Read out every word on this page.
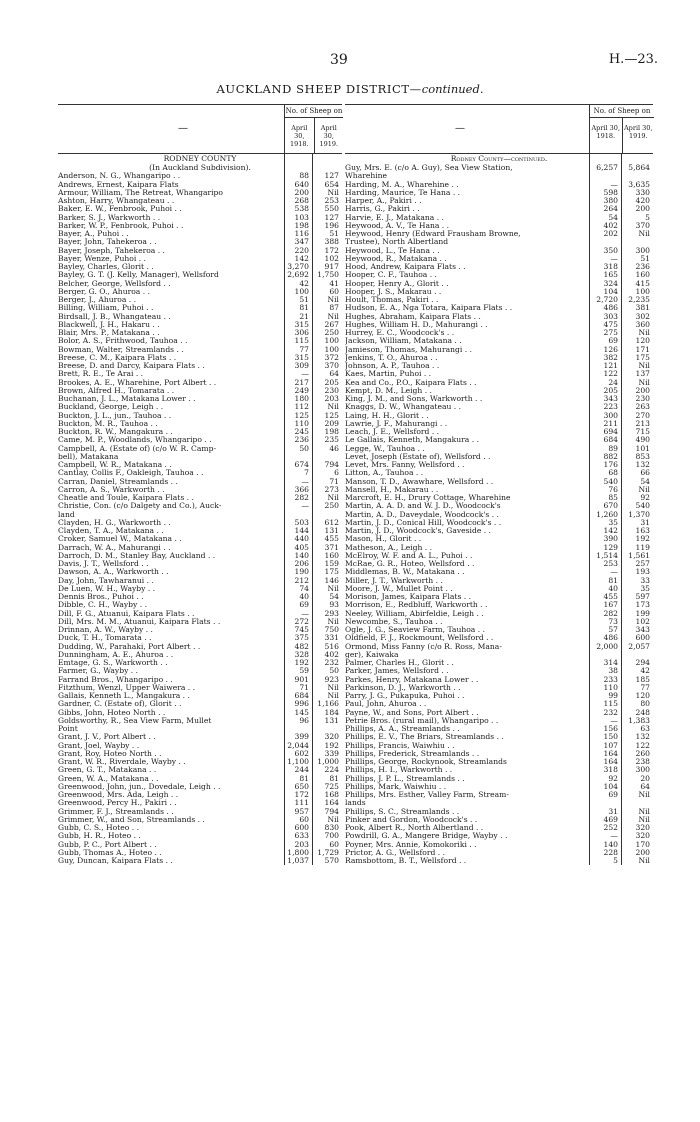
39	H.—23.
AUCKLAND SHEEP DISTRICT—continued.
—
No. of Sheep on
April 30, 1918.
April 30, 1919.
RODNEY COUNTY
(In Auckland Subdivision).
Anderson, N. G., Whangaripo . .	88	127
Andrews, Ernest, Kaipara Flats	640	654
Armour, William, The Retreat, Whangaripo	200	Nil
Ashton, Harry, Whangateau . .	268	253
Baker, E. W., Fenbrook, Puhoi . .	538	550
Barker, S. J., Warkworth . .	103	127
Barker, W. P., Fenbrook, Puhoi . .	198	196
Bayer, A., Puhoi . .	116	51
Bayer, John, Tahekeroa . .	347	388
Bayer, Joseph, Tahekeroa . .	220	172
Bayer, Wenze, Puhoi . .	142	102
Bayley, Charles, Glorit . .	3,270	917
Bayley, G. T. (J. Kelly, Manager), Wellsford	2,692	1,750
Belcher, George, Wellsford . .	42	41
Berger, G. O., Ahuroa . .	100	60
Berger, J., Ahuroa . .	51	Nil
Billing, William, Puhoi . .	81	87
Birdsall, J. B., Whangateau . .	21	Nil
Blackwell, J. H., Hakaru . .	315	267
Blair, Mrs. P., Matakana . .	306	250
Bolor, A. S., Frithwood, Tauhoa . .	115	100
Bowman, Walter, Streamlands . .	77	100
Breese, C. M., Kaipara Flats . .	315	372
Breese, D. and Darcy, Kaipara Flats . .	309	370
Brett, R. E., Te Arai . .	—	64
Brookes, A. E., Wharehine, Port Albert . .	217	205
Brown, Alfred H., Tomarata . .	249	230
Buchanan, J. L., Matakana Lower . .	180	203
Buckland, George, Leigh . .	112	Nil
Buckton, J. L., jun., Tauhoa . .	125	125
Buckton, M. R., Tauhoa . .	110	209
Buckton, R. W., Mangakura . .	245	198
Came, M. P., Woodlands, Whangaripo . .	236	235
Campbell, A. (Estate of) (c/o W. R. Camp-	50	46
bell), Matakana
Campbell, W. R., Matakana . .	674	794
Cantlay, Collis F., Oakleigh, Tauhoa . .	7	6
Carran, Daniel, Streamlands . .	—	71
Carron, A. S., Warkworth . .	366	273
Cheatle and Toule, Kaipara Flats . .	282	Nil
Christie, Con. (c/o Dalgety and Co.), Auck-	—	250
land
Clayden, H. G., Warkworth . .	503	612
Clayden, T. A., Matakana . .	144	131
Croker, Samuel W., Matakana . .	440	455
Darrach, W. A., Mahurangi . .	405	371
Darroch, D. M., Stanley Bay, Auckland . .	140	160
Davis, J. T., Wellsford . .	206	159
Dawson, A. A., Warkworth . .	190	175
Day, John, Tawharanui . .	212	146
De Luen, W. H., Wayby . .	74	Nil
Dennis Bros., Puhoi . .	40	54
Dibble, C. H., Wayby . .	69	93
Dill, F. G., Atuanui, Kaipara Flats . .	—	293
Dill, Mrs. M. M., Atuanui, Kaipara Flats . .	272	Nil
Drinnan, A. W., Wayby . .	745	750
Duck, T. H., Tomarata . .	375	331
Dudding, W., Parahaki, Port Albert . .	482	516
Dunningham, A. E., Ahuroa . .	328	402
Emtage, G. S., Warkworth . .	192	232
Farmer, G., Wayby . .	59	50
Farrand Bros., Whangaripo . .	901	923
Fitzthum, Wenzl, Upper Waiwera . .	71	Nil
Gallais, Kenneth L., Mangakura . .	684	Nil
Gardner, C. (Estate of), Glorit . .	996	1,166
Gibbs, John, Hoteo North . .	145	184
Goldsworthy, R., Sea View Farm, Mullet	96	131
Point
Grant, J. V., Port Albert . .	399	320
Grant, Joel, Wayby . .	2,044	192
Grant, Roy, Hoteo North . .	602	339
Grant, W. R., Riverdale, Wayby . .	1,100	1,000
Green, G. T., Matakana . .	244	224
Green, W. A., Matakana . .	81	81
Greenwood, John, jun., Dovedale, Leigh . .	650	725
Greenwood, Mrs. Ada, Leigh . .	172	168
Greenwood, Percy H., Pakiri . .	111	164
Grimmer, F. J., Streamlands . .	957	794
Grimmer, W., and Son, Streamlands . .	60	Nil
Gubb, C. S., Hoteo . .	600	830
Gubb, H. R., Hoteo . .	633	700
Gubb, P. C., Port Albert . .	203	60
Gubb, Thomas A., Hoteo . .	1,800	1,729
Guy, Duncan, Kaipara Flats . .	1,037	570
—
No. of Sheep on
April 30, 1918.
April 30, 1919.
Rodney County—continued.
Guy, Mrs. E. (c/o A. Guy), Sea View Station,	6,257	5,864
Wharehine
Harding, M. A., Wharehine . .	—	3,635
Harding, Maurice, Te Hana . .	598	330
Harper, A., Pakiri . .	380	420
Harris, G., Pakiri . .	264	200
Harvie, E. J., Matakana . .	54	5
Heywood, A. V., Te Hana . .	402	370
Heywood, Henry (Edward Frausham Browne,	202	Nil
Trustee), North Albertland
Heywood, L., Te Hana . .	350	300
Heywood, R., Matakana . .	—	51
Hood, Andrew, Kaipara Flats . .	318	236
Hooper, C. F., Tauhoa . .	165	160
Hooper, Henry A., Glorit . .	324	415
Hooper, J. S., Makarau . .	104	100
Hoult, Thomas, Pakiri . .	2,720	2,235
Hudson, E. A., Nga Totara, Kaipara Flats . .	486	381
Hughes, Abraham, Kaipara Flats . .	303	302
Hughes, William H. D., Mahurangi . .	475	360
Hurrey, E. C., Woodcock's . .	275	Nil
Jackson, William, Matakana . .	69	120
Jamieson, Thomas, Mahurangi . .	126	171
Jenkins, T. O., Ahuroa . .	382	175
Johnson, A. P., Tauhoa . .	121	Nil
Kaes, Martin, Puhoi . .	122	137
Kea and Co., P.O., Kaipara Flats . .	24	Nil
Kempt, D. M., Leigh . .	205	200
King, J. M., and Sons, Warkworth . .	343	230
Knaggs, D. W., Whangateau . .	223	263
Laing, H. H., Glorit . .	300	270
Lawrie, J. F., Mahurangi . .	211	213
Leach, J. E., Wellsford . .	694	715
Le Gallais, Kenneth, Mangakura . .	684	490
Legge, W., Tauhoa . .	89	101
Levet, Joseph (Estate of), Wellsford . .	882	853
Levet, Mrs. Fanny, Wellsford . .	176	132
Litton, A., Tauhoa . .	68	66
Manson, T. D., Awawhare, Wellsford . .	540	54
Mansell, H., Makarau . .	76	Nil
Marcroft, E. H., Drury Cottage, Wharehine	85	92
Martin, A. A. D. and W. J. D., Woodcock's	670	540
Martin, A. D., Daveydale, Woodcock's . .	1,260	1,370
Martin, J. D., Conical Hill, Woodcock's . .	35	31
Martin, J. D., Woodcock's, Gaveside . .	142	163
Mason, H., Glorit . .	390	192
Matheson, A., Leigh . .	129	119
McElroy, W. F. and A. L., Puhoi . .	1,514	1,561
McRae, G. R., Hoteo, Wellsford . .	253	257
Middlemas, B. W., Matakana . .	—	193
Miller, J. T., Warkworth . .	81	33
Moore, J. W., Mullet Point . .	40	35
Morison, James, Kaipara Flats . .	455	597
Morrison, E., Redbluff, Warkworth . .	167	173
Neeley, William, Abirfeldie, Leigh . .	282	199
Newcombe, S., Tauhoa . .	73	102
Ogle, J. G., Seaview Farm, Tauhoa . .	57	343
Oldfield, F. J., Rockmount, Wellsford . .	486	600
Ormond, Miss Fanny (c/o R. Ross, Mana-	2,000	2,057
ger), Kaiwaka
Palmer, Charles H., Glorit . .	314	294
Parker, James, Wellsford . .	38	42
Parkes, Henry, Matakana Lower . .	233	185
Parkinson, D. J., Warkworth . .	110	77
Parry, J. G., Pukapuka, Puhoi . .	99	120
Paul, John, Ahuroa . .	115	80
Payne, W., and Sons, Port Albert . .	232	248
Petrie Bros. (rural mail), Whangaripo . .	—	1,383
Phillips, A. A., Streamlands . .	156	63
Phillips, E. V., The Briars, Streamlands . .	150	132
Phillips, Francis, Waiwhiu . .	107	122
Phillips, Frederick, Streamlands . .	164	260
Phillips, George, Rockynook, Streamlands	164	238
Phillips, H. I., Warkworth . .	318	300
Phillips, J. P. L., Streamlands . .	92	20
Phillips, Mark, Waiwhiu . .	104	64
Phillips, Mrs. Esther, Valley Farm, Stream-	69	Nil
lands
Phillips, S. C., Streamlands . .	31	Nil
Pinker and Gordon, Woodcock's . .	469	Nil
Pook, Albert R., North Albertland . .	252	320
Powdrill, G. A., Mangere Bridge, Wayby . .	—	320
Poyner, Mrs. Annie, Komokoriki . .	140	170
Prictor, A. G., Wellsford . .	228	200
Ramsbottom, B. T., Wellsford . .	5	Nil
